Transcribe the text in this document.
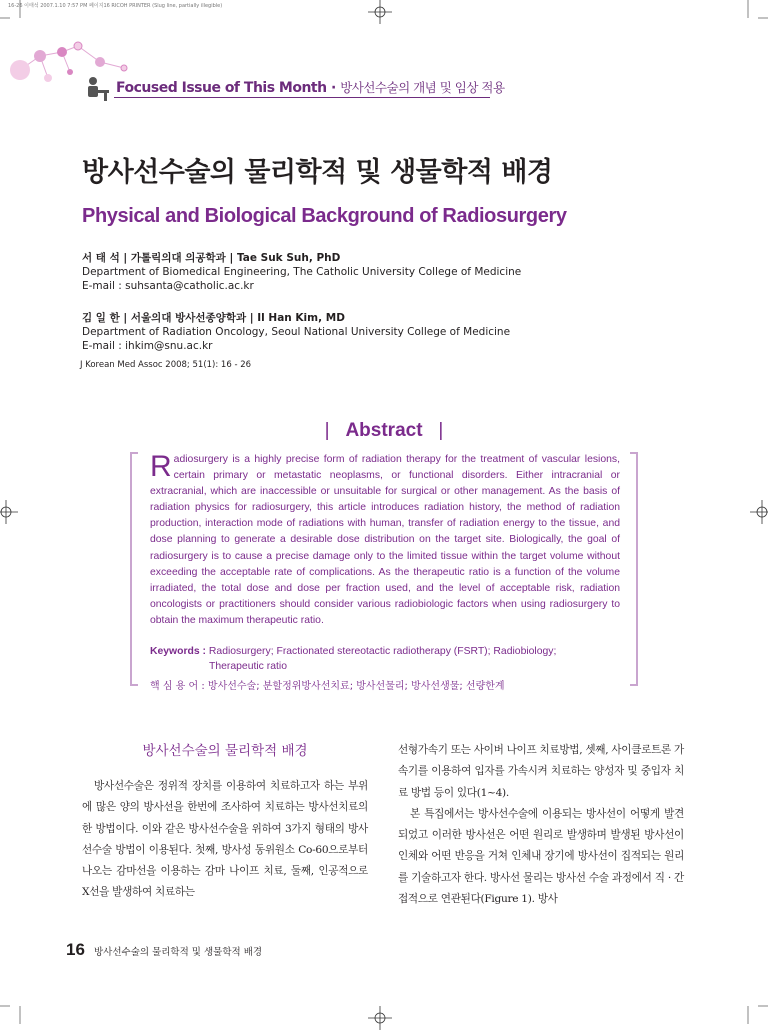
16-26 이태석 2007.1.10 7:57 PM 페이지16 RICOH PRINTER (Slug line, partially illegible)
Focused Issue of This Month · 방사선수술의 개념 및 임상 적용
방사선수술의 물리학적 및 생물학적 배경
Physical and Biological Background of Radiosurgery
서 태 석 | 가톨릭의대 의공학과 | Tae Suk Suh, PhD
Department of Biomedical Engineering, The Catholic University College of Medicine
E-mail : suhsanta@catholic.ac.kr
김 일 한 | 서울의대 방사선종양학과 | Il Han Kim, MD
Department of Radiation Oncology, Seoul National University College of Medicine
E-mail : ihkim@snu.ac.kr
J Korean Med Assoc 2008; 51(1): 16 - 26
| Abstract |
Radiosurgery is a highly precise form of radiation therapy for the treatment of vascular lesions, certain primary or metastatic neoplasms, or functional disorders. Either intracranial or extracranial, which are inaccessible or unsuitable for surgical or other management. As the basis of radiation physics for radiosurgery, this article introduces radiation history, the method of radiation production, interaction mode of radiations with human, transfer of radiation energy to the tissue, and dose planning to generate a desirable dose distribution on the target site. Biologically, the goal of radiosurgery is to cause a precise damage only to the limited tissue within the target volume without exceeding the acceptable rate of complications. As the therapeutic ratio is a function of the volume irradiated, the total dose and dose per fraction used, and the level of acceptable risk, radiation oncologists or practitioners should consider various radiobiologic factors when using radiosurgery to obtain the maximum therapeutic ratio.
Keywords : Radiosurgery; Fractionated stereotactic radiotherapy (FSRT); Radiobiology;
Therapeutic ratio
핵 심 용 어 : 방사선수술; 분할정위방사선치료; 방사선물리; 방사선생물; 선량한계
방사선수술의 물리학적 배경

방사선수술은 정위적 장치를 이용하여 치료하고자 하는 부위에 많은 양의 방사선을 한번에 조사하여 치료하는 방사선치료의 한 방법이다. 이와 같은 방사선수술을 위하여 3가지 형태의 방사선수술 방법이 이용된다. 첫째, 방사성 동위원소 Co-60으로부터 나오는 감마선을 이용하는 감마 나이프 치료, 둘째, 인공적으로 X선을 발생하여 치료하는

선형가속기 또는 사이버 나이프 치료방법, 셋째, 사이클로트론 가속기를 이용하여 입자를 가속시켜 치료하는 양성자 및 중입자 치료 방법 등이 있다(1~4).

본 특집에서는 방사선수술에 이용되는 방사선이 어떻게 발견되었고 이러한 방사선은 어떤 원리로 발생하며 발생된 방사선이 인체와 어떤 반응을 거쳐 인체내 장기에 방사선이 집적되는 원리를 기술하고자 한다. 방사선 물리는 방사선 수술 과정에서 직 · 간접적으로 연관된다(Figure 1). 방사

16 방사선수술의 물리학적 및 생물학적 배경
